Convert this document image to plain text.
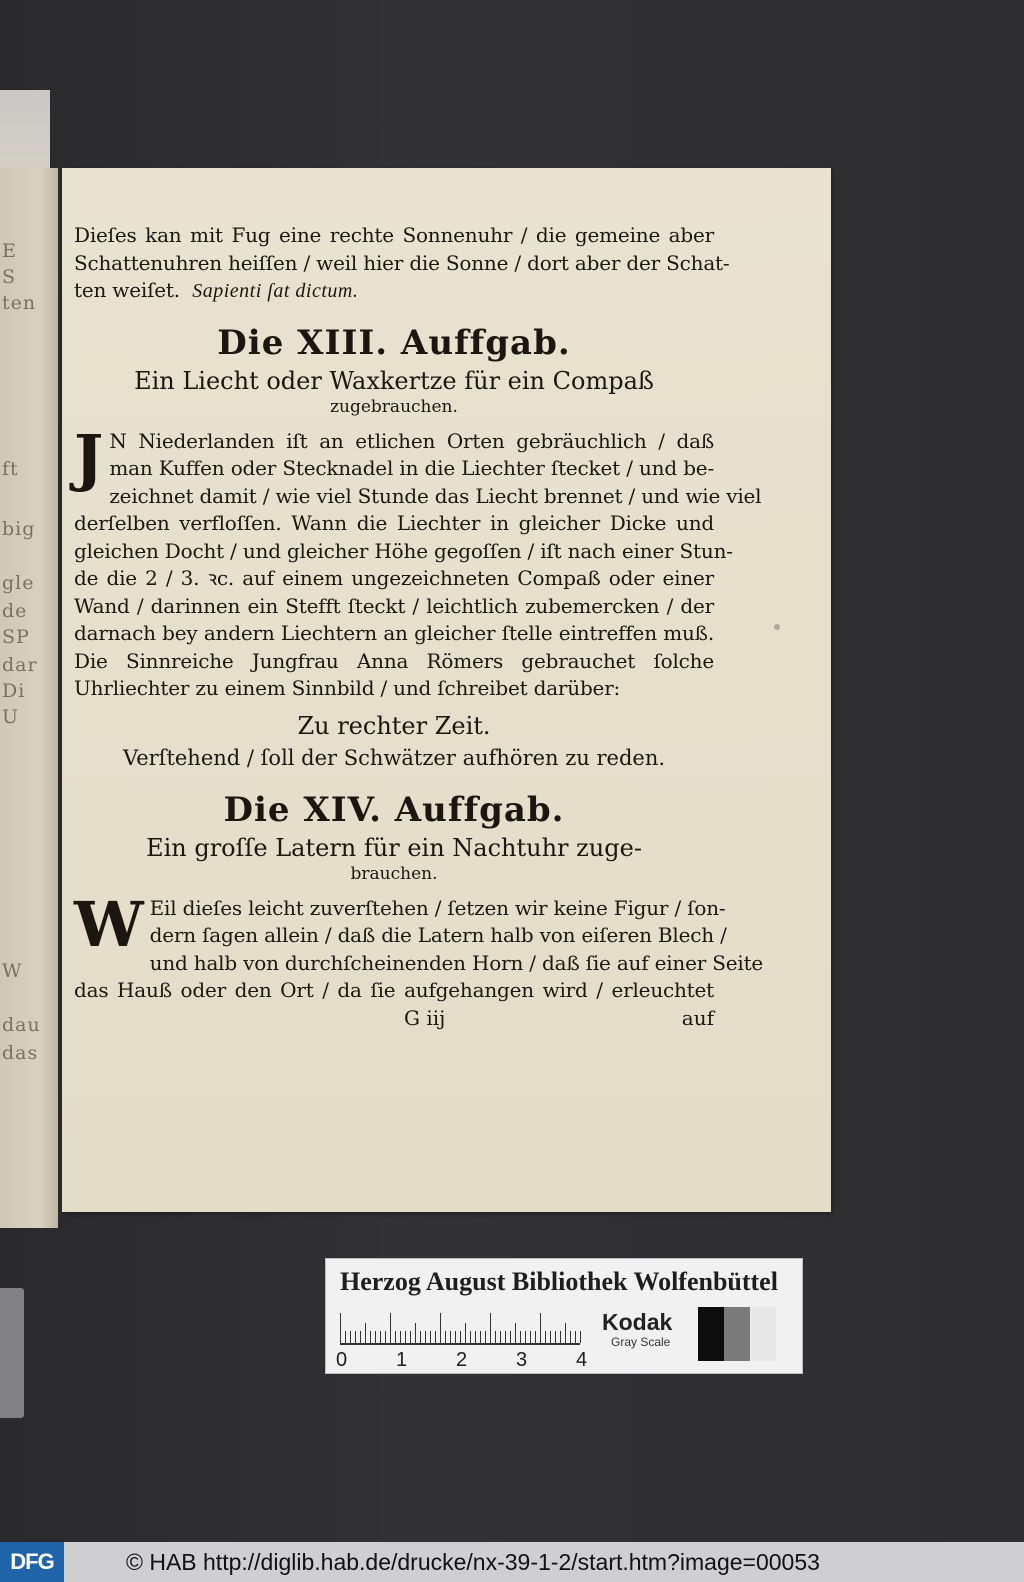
E
S
ten
ft
big
gle
de
SP
dar
Di
U
W
dau
das
Dieſes kan mit Fug eine rechte Sonnenuhr / die gemeine aber
Schattenuhren heiſſen / weil hier die Sonne / dort aber der Schat-
ten weiſet. Sapienti ſat dictum.
Die XIII. Auffgab.
Ein Liecht oder Waxkertze für ein Compaß
zugebrauchen.
J N Niederlanden iſt an etlichen Orten gebräuchlich / daß
man Kuffen oder Stecknadel in die Liechter ſtecket / und be-
zeichnet damit / wie viel Stunde das Liecht brennet / und wie viel
derſelben verfloſſen. Wann die Liechter in gleicher Dicke und
gleichen Docht / und gleicher Höhe gegoſſen / iſt nach einer Stun-
de die 2 / 3. ꝛc. auf einem ungezeichneten Compaß oder einer
Wand / darinnen ein Stefft ſteckt / leichtlich zubemercken / der
darnach bey andern Liechtern an gleicher ſtelle eintreffen muß.
Die Sinnreiche Jungfrau Anna Römers gebrauchet ſolche
Uhrliechter zu einem Sinnbild / und ſchreibet darüber:
Zu rechter Zeit.
Verſtehend / ſoll der Schwätzer aufhören zu reden.
Die XIV. Auffgab.
Ein groſſe Latern für ein Nachtuhr zuge-
brauchen.
W Eil dieſes leicht zuverſtehen / ſetzen wir keine Figur / ſon-
dern ſagen allein / daß die Latern halb von eiſeren Blech /
und halb von durchſcheinenden Horn / daß ſie auf einer Seite
das Hauß oder den Ort / da ſie aufgehangen wird / erleuchtet
G iij	auf
Herzog August Bibliothek Wolfenbüttel
0 1 2 3 4
Kodak
Gray Scale
DFG	© HAB http://diglib.hab.de/drucke/nx-39-1-2/start.htm?image=00053
